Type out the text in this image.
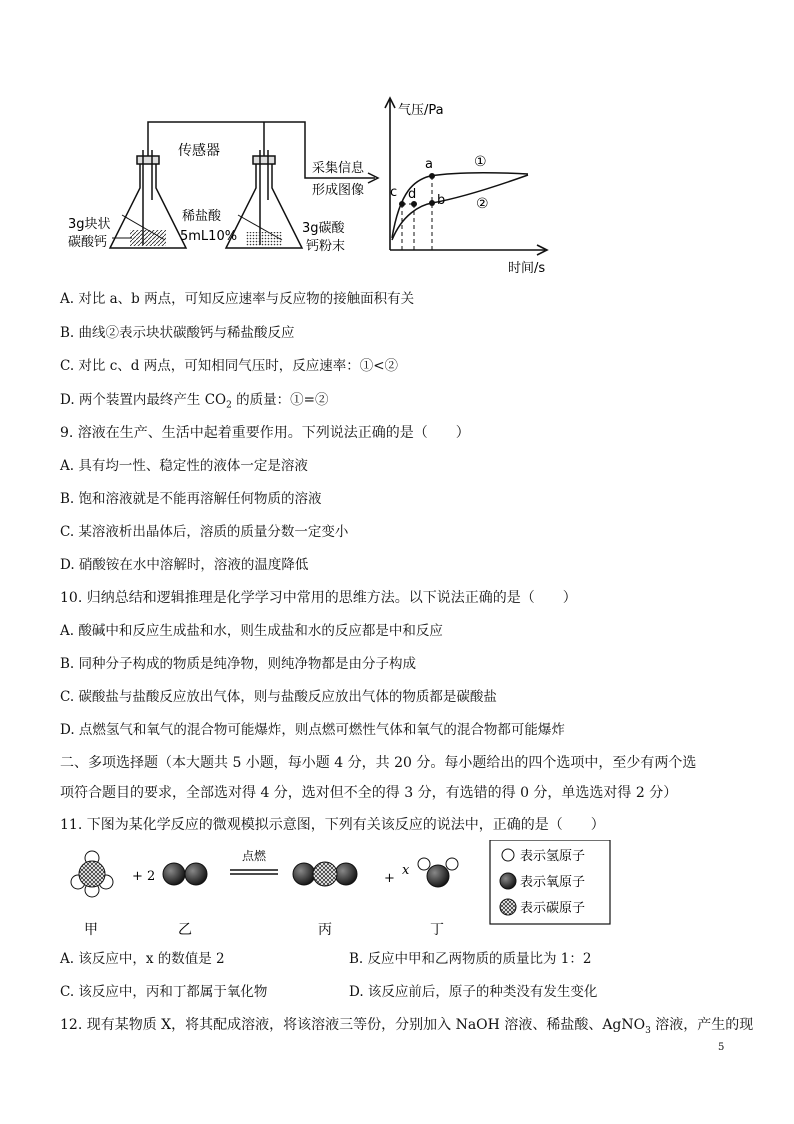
传感器
3g块状
碳酸钙
稀盐酸
5mL10%
3g碳酸
钙粉末
采集信息
形成图像
气压/Pa
时间/s
a
b
c d
①
②
A. 对比 a、b 两点，可知反应速率与反应物的接触面积有关
B. 曲线②表示块状碳酸钙与稀盐酸反应
C. 对比 c、d 两点，可知相同气压时，反应速率：①<②
D. 两个装置内最终产生 $CO_2$ 的质量：①=②
9. 溶液在生产、生活中起着重要作用。下列说法正确的是（　　）
A. 具有均一性、稳定性的液体一定是溶液
B. 饱和溶液就是不能再溶解任何物质的溶液
C. 某溶液析出晶体后，溶质的质量分数一定变小
D. 硝酸铵在水中溶解时，溶液的温度降低
10. 归纳总结和逻辑推理是化学学习中常用的思维方法。以下说法正确的是（　　）
A. 酸碱中和反应生成盐和水，则生成盐和水的反应都是中和反应
B. 同种分子构成的物质是纯净物，则纯净物都是由分子构成
C. 碳酸盐与盐酸反应放出气体，则与盐酸反应放出气体的物质都是碳酸盐
D. 点燃氢气和氧气的混合物可能爆炸，则点燃可燃性气体和氧气的混合物都可能爆炸
二、多项选择题（本大题共 5 小题，每小题 4 分，共 20 分。每小题给出的四个选项中，至少有两个选
项符合题目的要求，全部选对得 4 分，选对但不全的得 3 分，有选错的得 0 分，单选选对得 2 分）
11. 下图为某化学反应的微观模拟示意图，下列有关该反应的说法中，正确的是（　　）
+ 2
点燃
+
x
甲	乙	丙	丁
表示氢原子
表示氧原子
表示碳原子
A. 该反应中，x 的数值是 2	B. 反应中甲和乙两物质的质量比为 1：2
C. 该反应中，丙和丁都属于氧化物	D. 该反应前后，原子的种类没有发生变化
12. 现有某物质 X，将其配成溶液，将该溶液三等份，分别加入 NaOH 溶液、稀盐酸、AgNO$_3$ 溶液，产生的现
5
